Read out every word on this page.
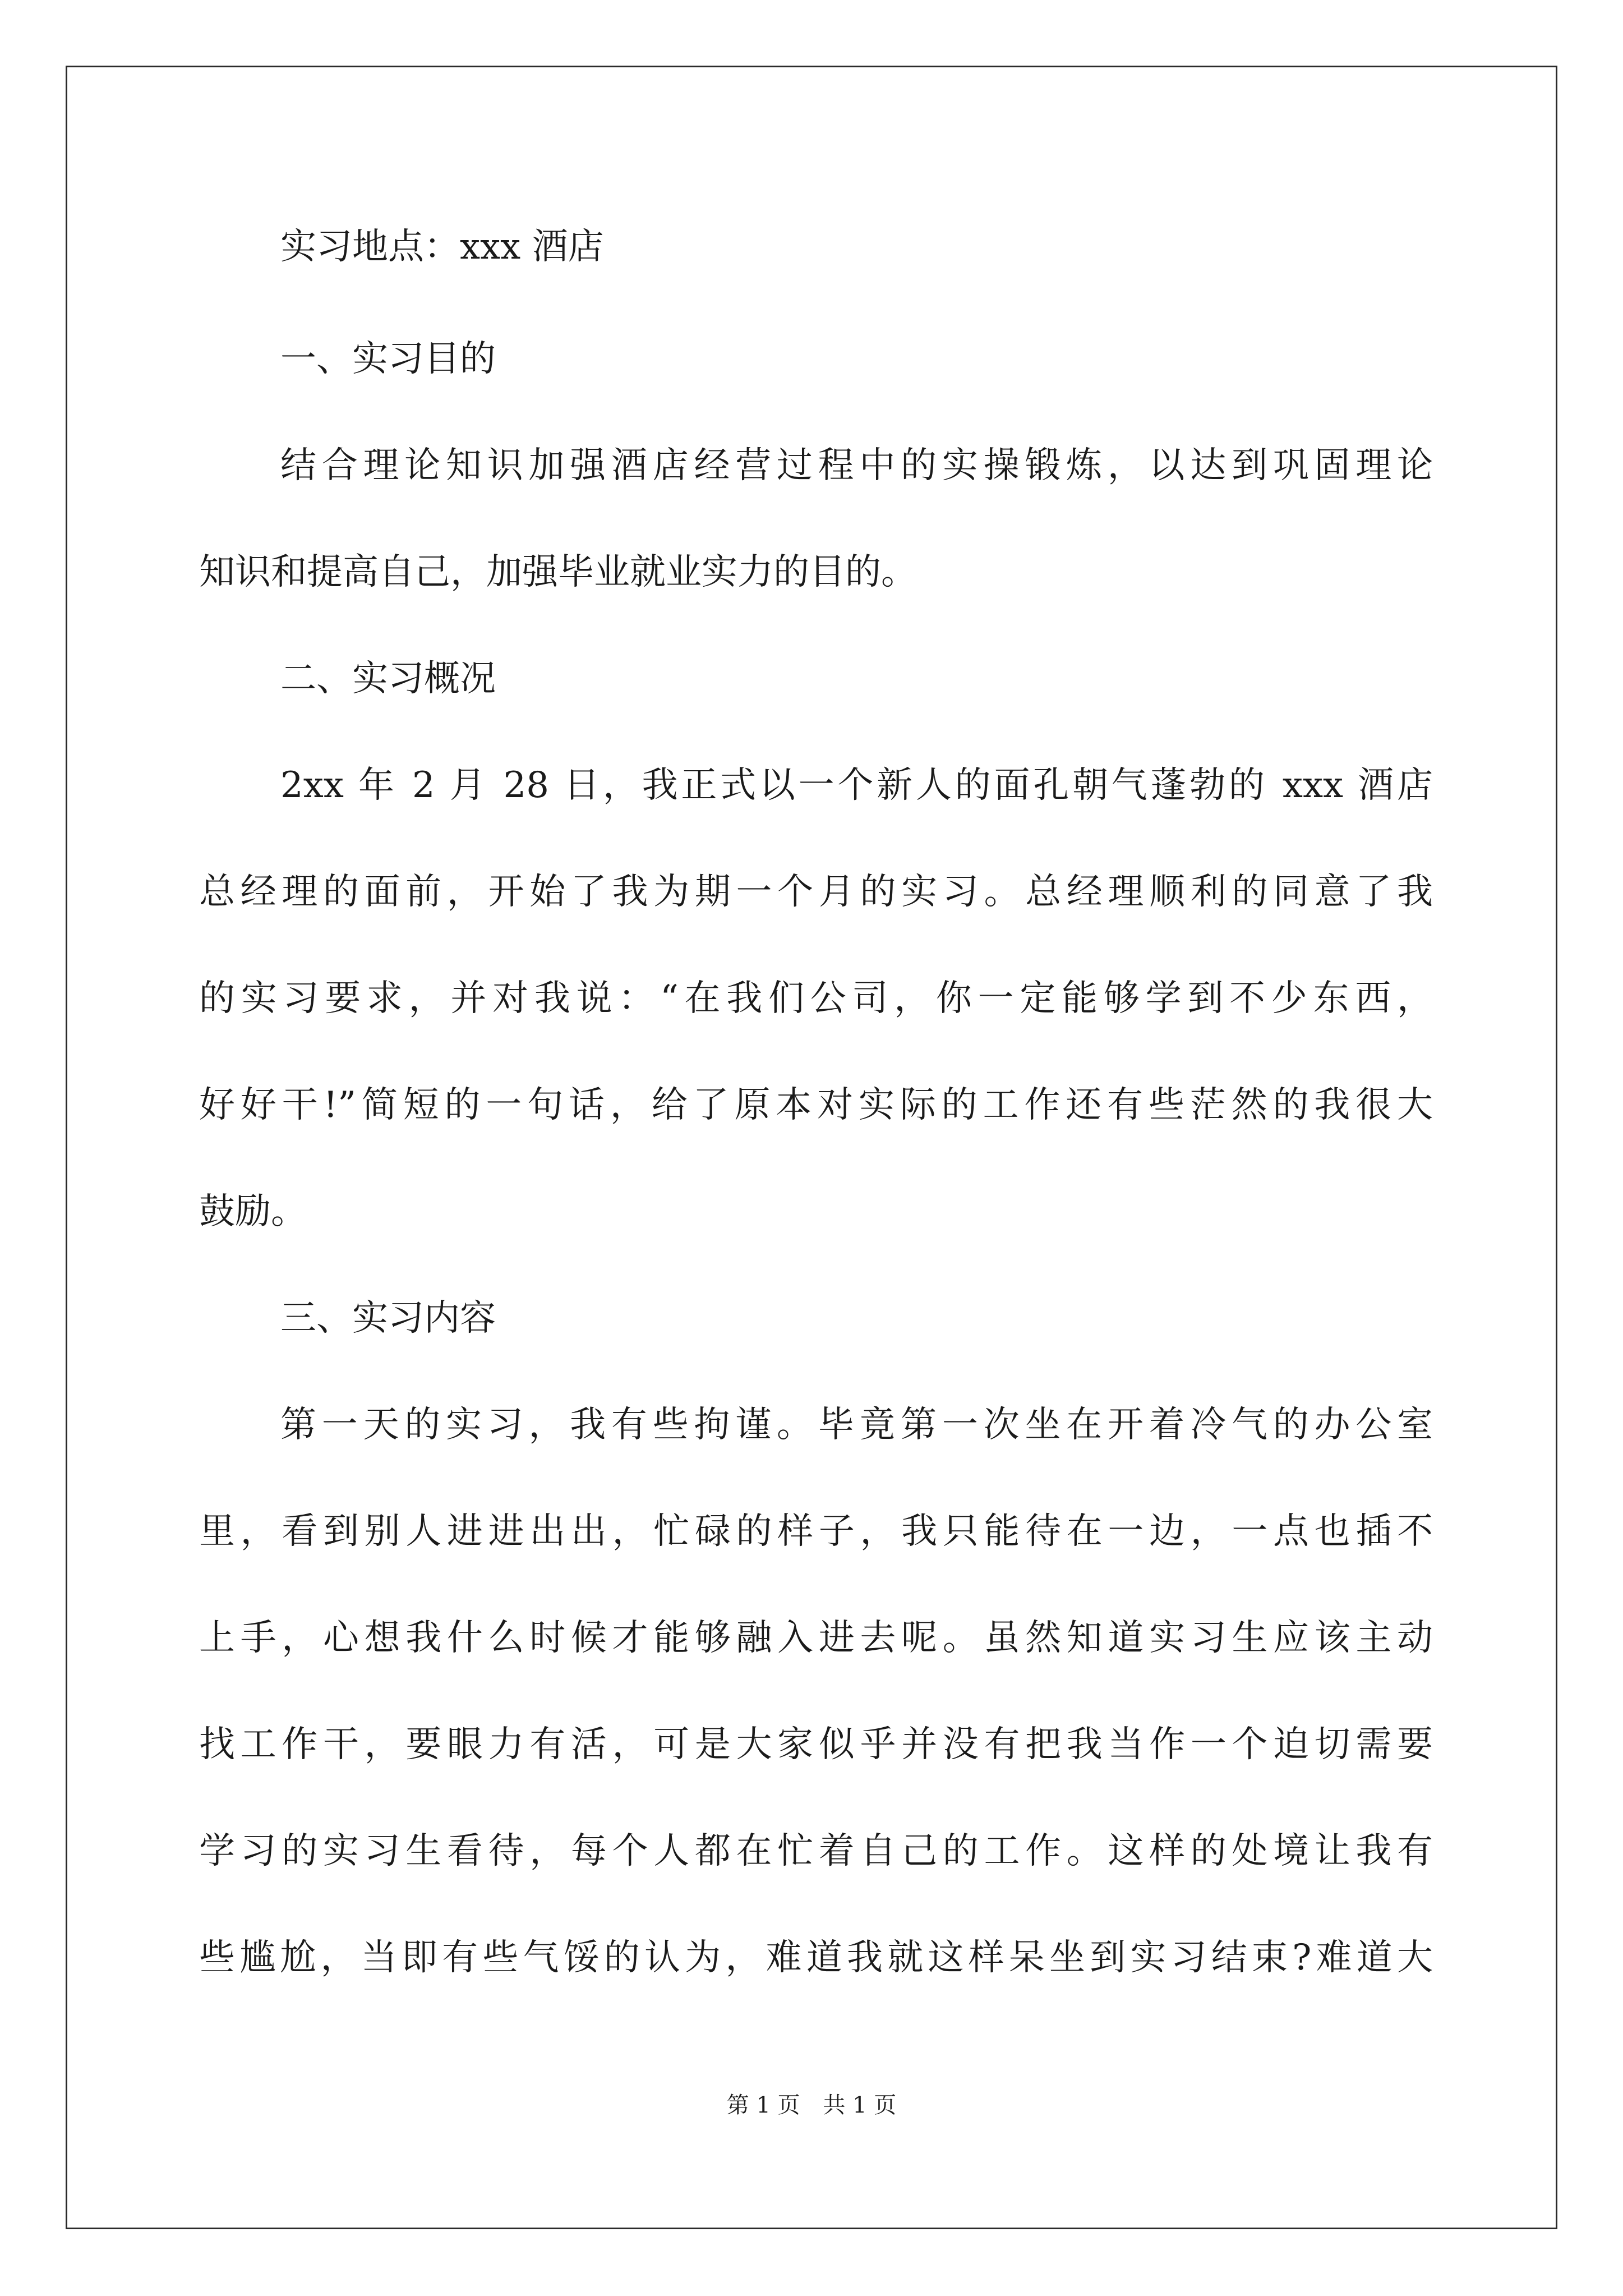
实习地点：xxx 酒店
一、实习目的
结合理论知识加强酒店经营过程中的实操锻炼，以达到巩固理论
知识和提高自己，加强毕业就业实力的目的。
二、实习概况
2xx 年 2 月 28 日，我正式以一个新人的面孔朝气蓬勃的 xxx 酒店
总经理的面前，开始了我为期一个月的实习。总经理顺利的同意了我
的实习要求，并对我说：“在我们公司，你一定能够学到不少东西，
好好干!”简短的一句话，给了原本对实际的工作还有些茫然的我很大
鼓励。
三、实习内容
第一天的实习，我有些拘谨。毕竟第一次坐在开着冷气的办公室
里，看到别人进进出出，忙碌的样子，我只能待在一边，一点也插不
上手，心想我什么时候才能够融入进去呢。虽然知道实习生应该主动
找工作干，要眼力有活，可是大家似乎并没有把我当作一个迫切需要
学习的实习生看待，每个人都在忙着自己的工作。这样的处境让我有
些尴尬，当即有些气馁的认为，难道我就这样呆坐到实习结束?难道大
第 1 页 共 1 页
